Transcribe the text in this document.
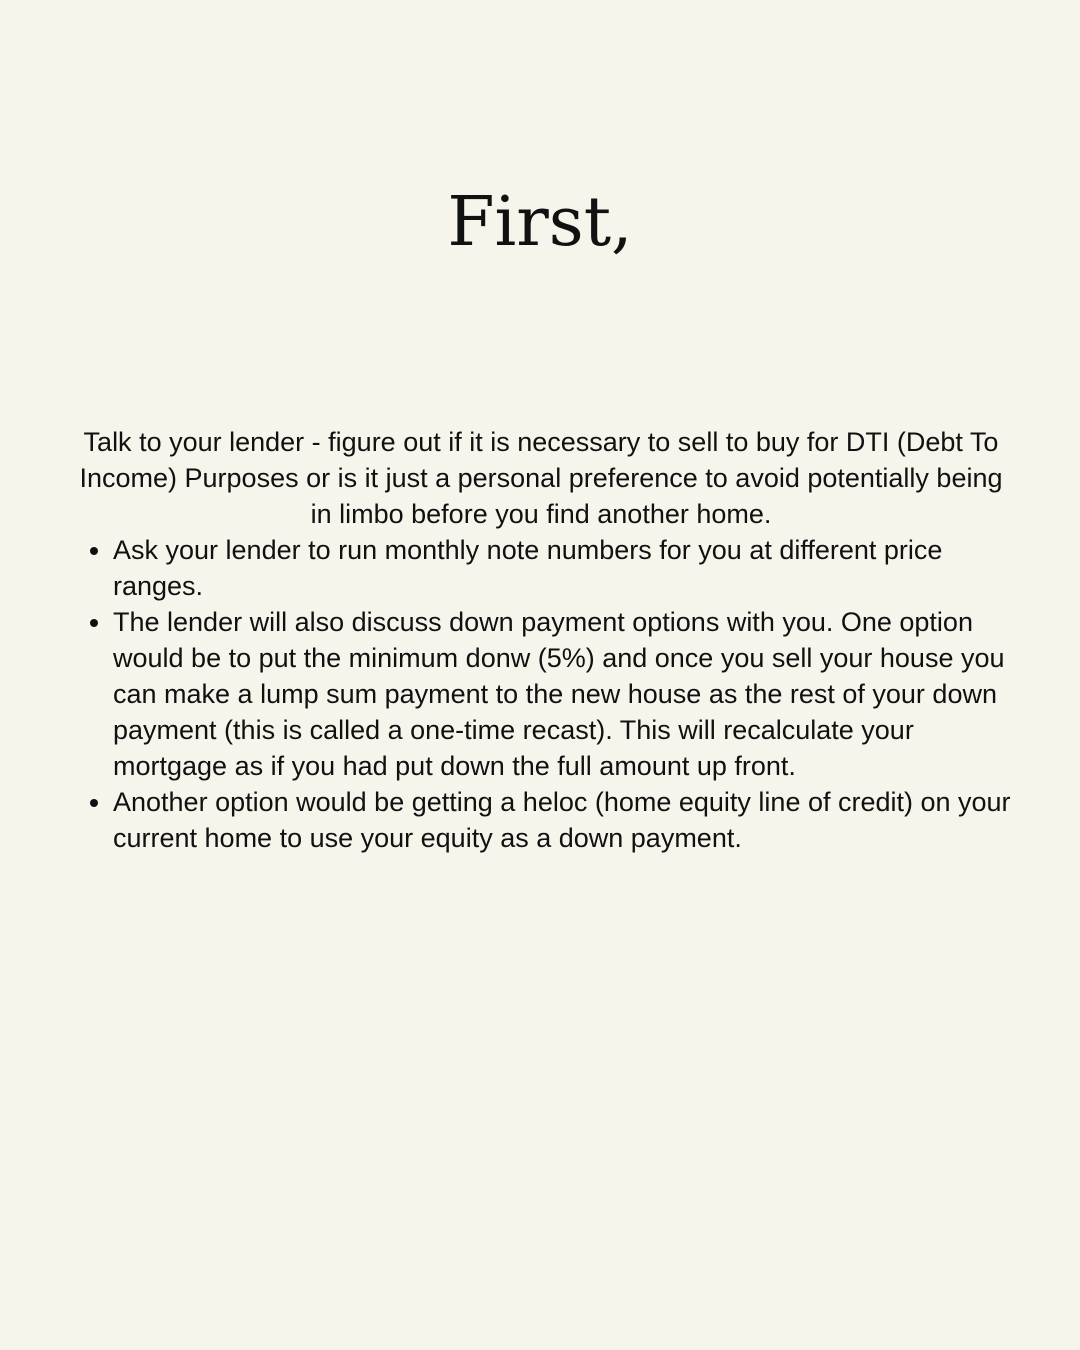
First,

Talk to your lender - figure out if it is necessary to sell to buy for DTI (Debt To Income) Purposes or is it just a personal preference to avoid potentially being in limbo before you find another home.

• Ask your lender to run monthly note numbers for you at different price ranges.
• The lender will also discuss down payment options with you. One option would be to put the minimum donw (5%) and once you sell your house you can make a lump sum payment to the new house as the rest of your down payment (this is called a one-time recast). This will recalculate your mortgage as if you had put down the full amount up front.
• Another option would be getting a heloc (home equity line of credit) on your current home to use your equity as a down payment.
